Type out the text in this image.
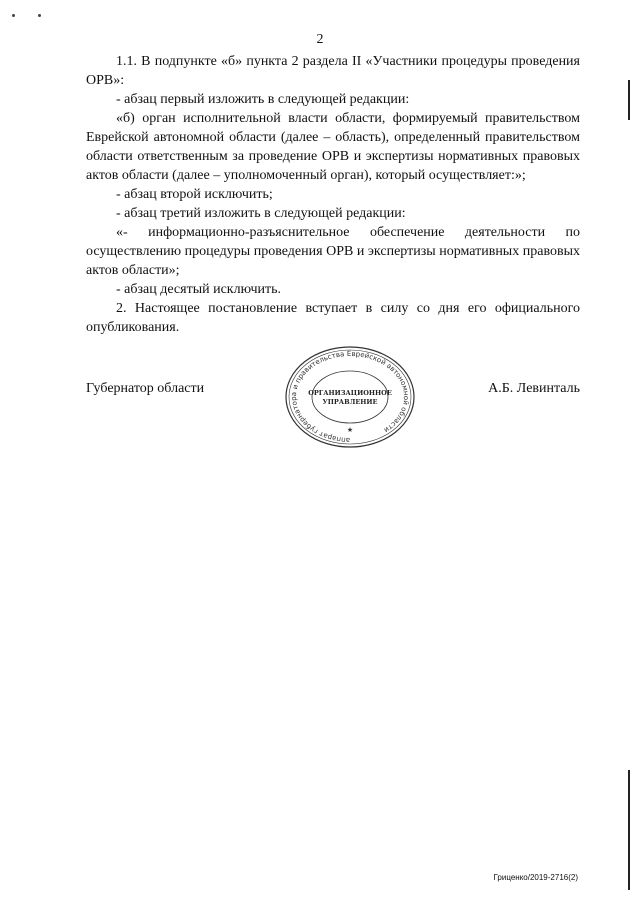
2

1.1. В подпункте «б» пункта 2 раздела II «Участники процедуры проведения ОРВ»:

- абзац первый изложить в следующей редакции:

«б) орган исполнительной власти области, формируемый правительством Еврейской автономной области (далее – область), определенный правительством области ответственным за проведение ОРВ и экспертизы нормативных правовых актов области (далее – уполномоченный орган), который осуществляет:»;

- абзац второй исключить;

- абзац третий изложить в следующей редакции:

«- информационно-разъяснительное обеспечение деятельности по осуществлению процедуры проведения ОРВ и экспертизы нормативных правовых актов области»;

- абзац десятый исключить.

2. Настоящее постановление вступает в силу со дня его официального опубликования.

Губернатор области	А.Б. Левинталь
аппарат губернатора и правительства Еврейской автономной области
ОРГАНИЗАЦИОННОЕ
УПРАВЛЕНИЕ
★
Гриценко/2019-2716(2)
